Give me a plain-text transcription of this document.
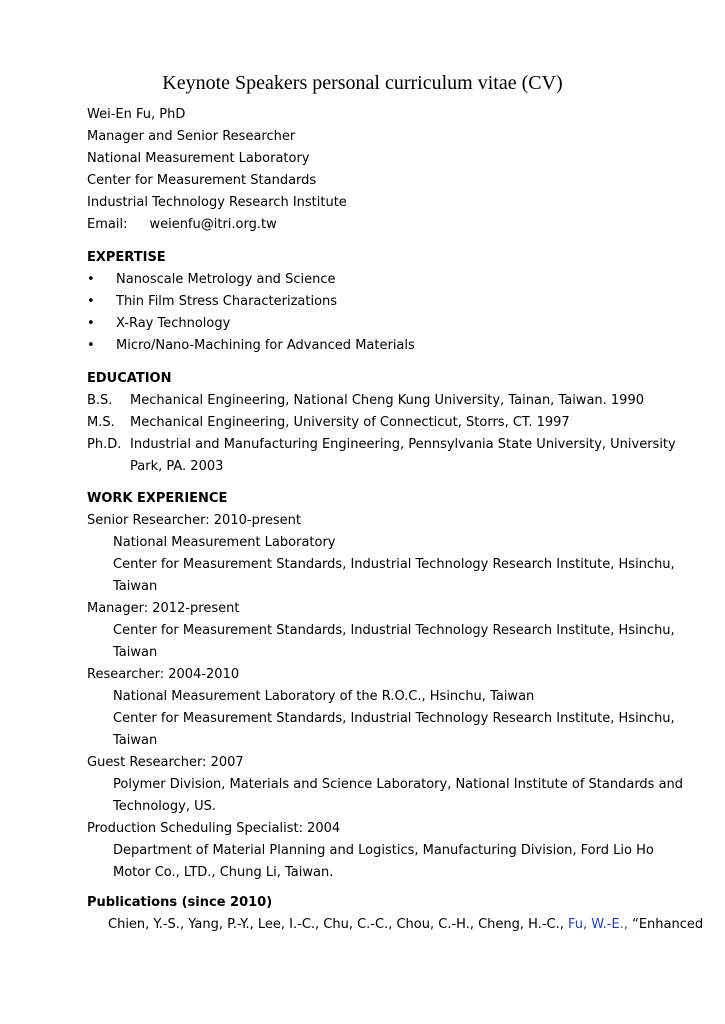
Keynote Speakers personal curriculum vitae (CV)
Wei-En Fu, PhD
Manager and Senior Researcher
National Measurement Laboratory
Center for Measurement Standards
Industrial Technology Research Institute
Email: weienfu@itri.org.tw
EXPERTISE
• Nanoscale Metrology and Science
• Thin Film Stress Characterizations
• X-Ray Technology
• Micro/Nano-Machining for Advanced Materials
EDUCATION
B.S. Mechanical Engineering, National Cheng Kung University, Tainan, Taiwan. 1990
M.S. Mechanical Engineering, University of Connecticut, Storrs, CT. 1997
Ph.D. Industrial and Manufacturing Engineering, Pennsylvania State University, University
Park, PA. 2003
WORK EXPERIENCE
Senior Researcher: 2010-present
National Measurement Laboratory
Center for Measurement Standards, Industrial Technology Research Institute, Hsinchu,
Taiwan
Manager: 2012-present
Center for Measurement Standards, Industrial Technology Research Institute, Hsinchu,
Taiwan
Researcher: 2004-2010
National Measurement Laboratory of the R.O.C., Hsinchu, Taiwan
Center for Measurement Standards, Industrial Technology Research Institute, Hsinchu,
Taiwan
Guest Researcher: 2007
Polymer Division, Materials and Science Laboratory, National Institute of Standards and
Technology, US.
Production Scheduling Specialist: 2004
Department of Material Planning and Logistics, Manufacturing Division, Ford Lio Ho
Motor Co., LTD., Chung Li, Taiwan.
Publications (since 2010)
Chien, Y.-S., Yang, P.-Y., Lee, I.-C., Chu, C.-C., Chou, C.-H., Cheng, H.-C., Fu, W.-E., “Enhanced
